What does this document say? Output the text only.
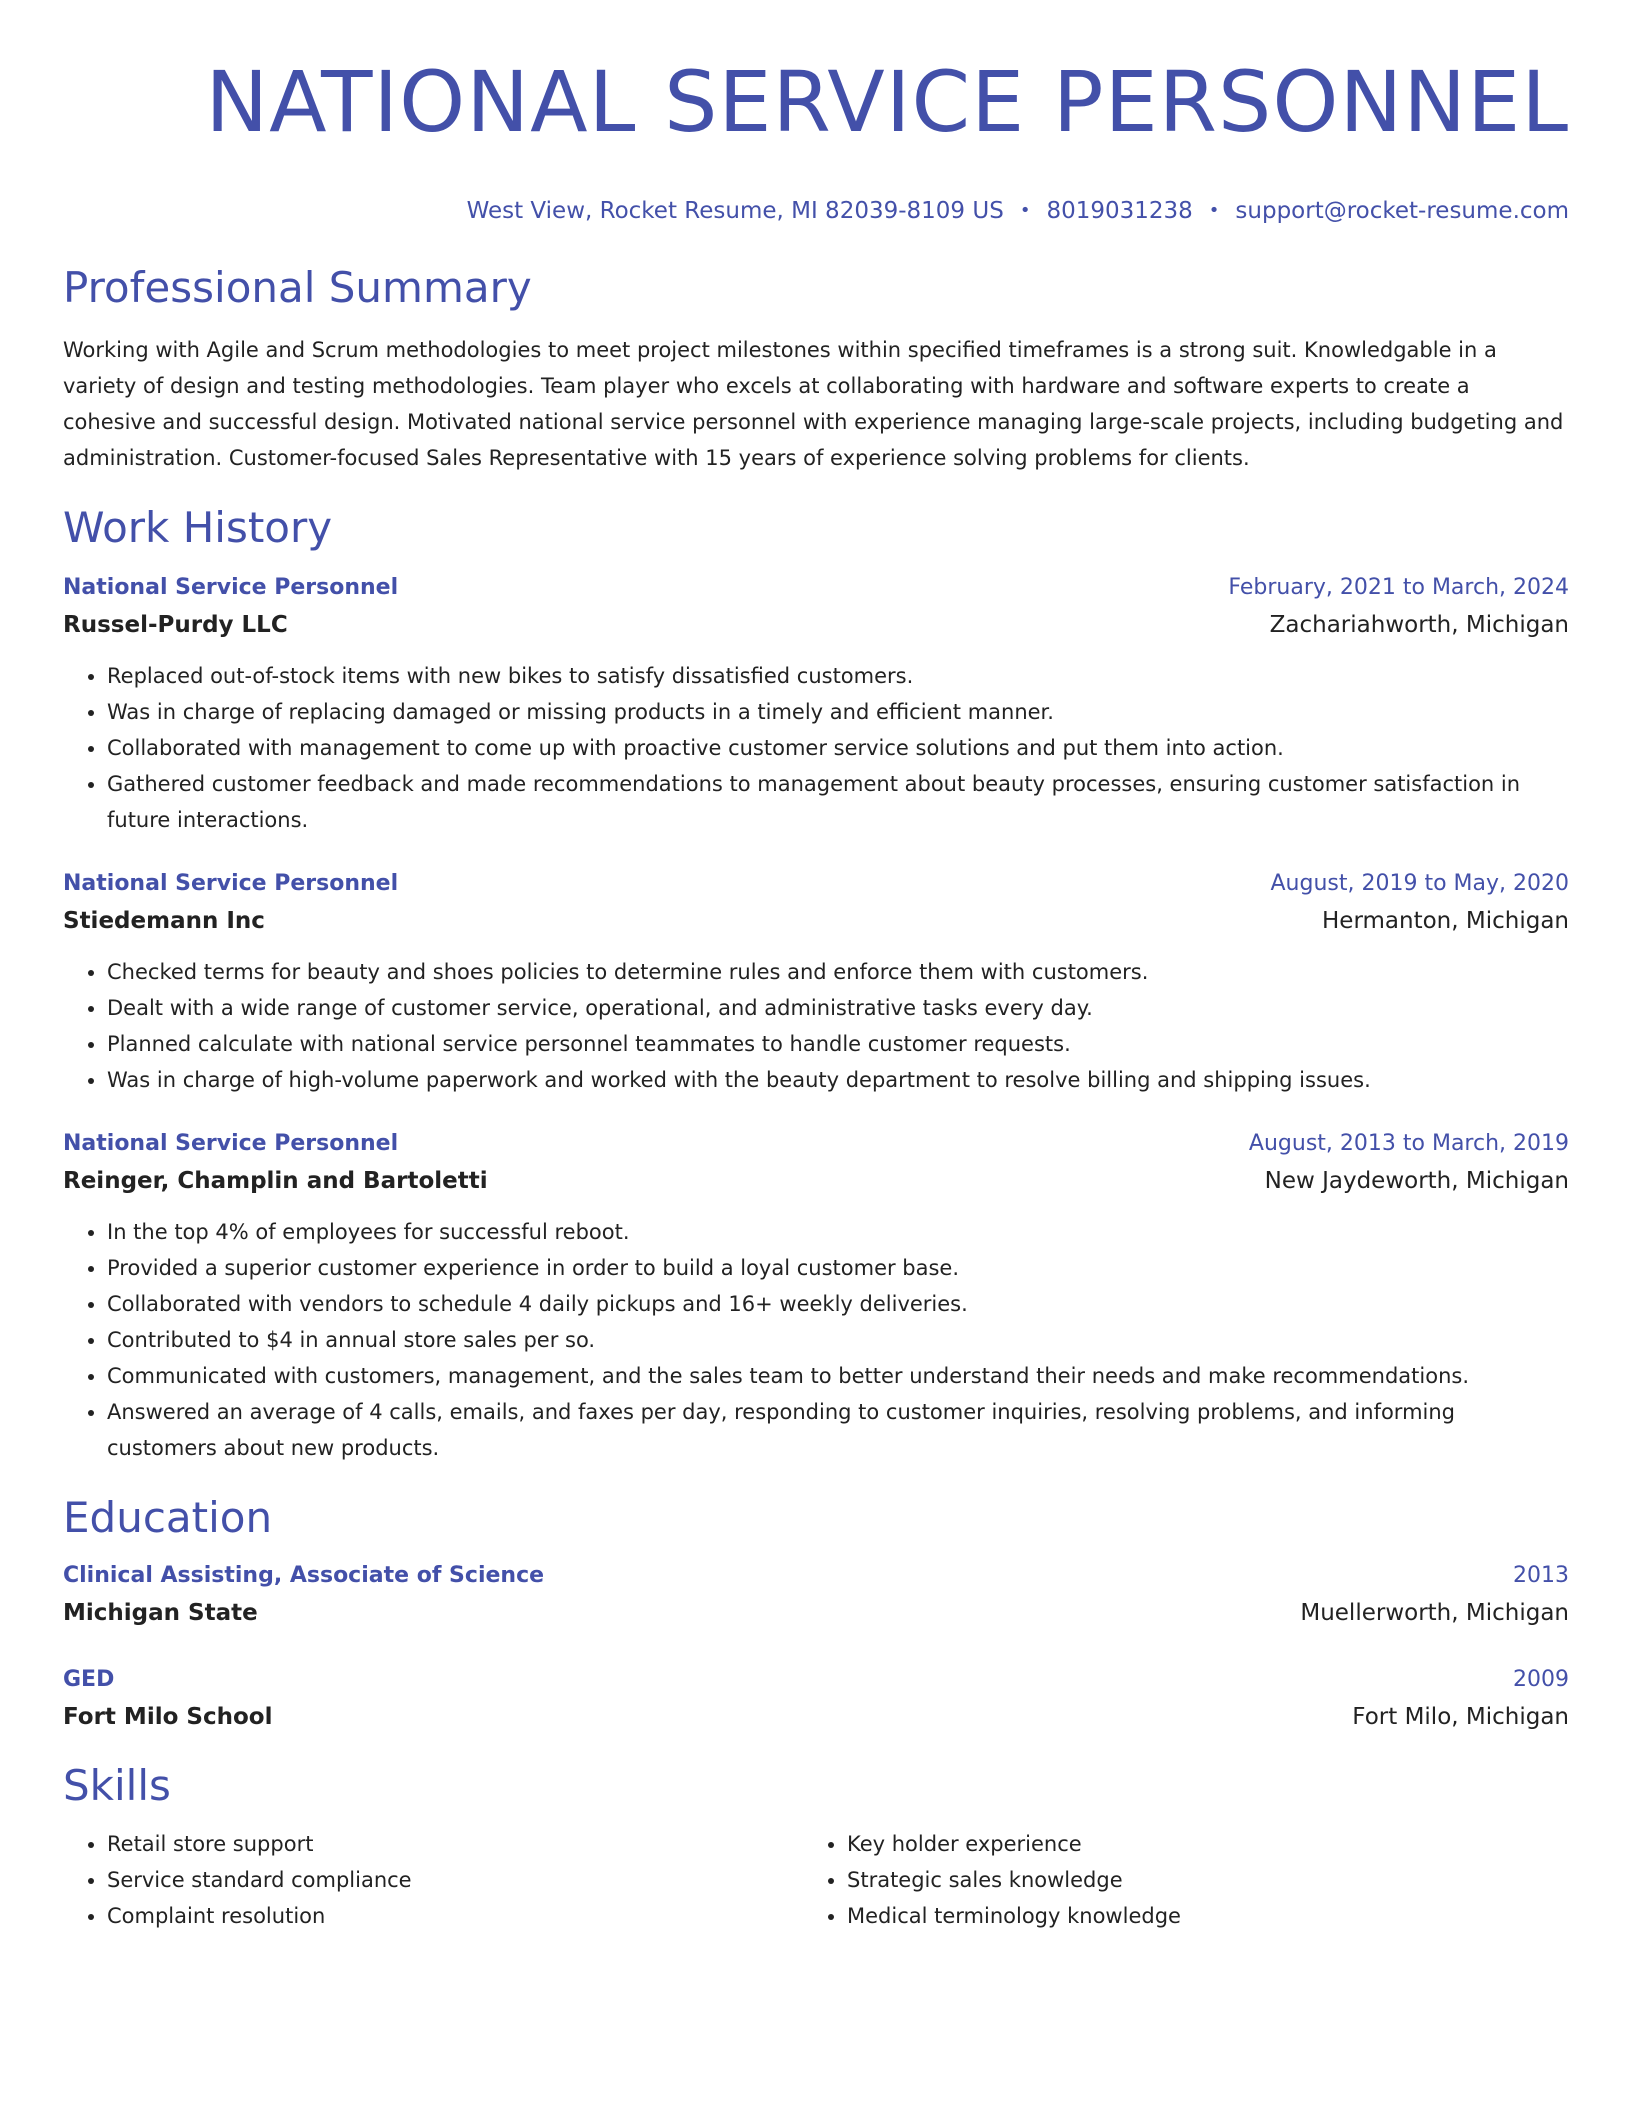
NATIONAL SERVICE PERSONNEL
West View, Rocket Resume, MI 82039-8109 US • 8019031238 • support@rocket-resume.com
Professional Summary

Working with Agile and Scrum methodologies to meet project milestones within specified timeframes is a strong suit. Knowledgable in a variety of design and testing methodologies. Team player who excels at collaborating with hardware and software experts to create a cohesive and successful design. Motivated national service personnel with experience managing large-scale projects, including budgeting and administration. Customer-focused Sales Representative with 15 years of experience solving problems for clients.

Work History
National Service Personnel	February, 2021 to March, 2024
Russel-Purdy LLC	Zachariahworth, Michigan
• Replaced out-of-stock items with new bikes to satisfy dissatisfied customers.
• Was in charge of replacing damaged or missing products in a timely and efficient manner.
• Collaborated with management to come up with proactive customer service solutions and put them into action.
• Gathered customer feedback and made recommendations to management about beauty processes, ensuring customer satisfaction in future interactions.
National Service Personnel	August, 2019 to May, 2020
Stiedemann Inc	Hermanton, Michigan
• Checked terms for beauty and shoes policies to determine rules and enforce them with customers.
• Dealt with a wide range of customer service, operational, and administrative tasks every day.
• Planned calculate with national service personnel teammates to handle customer requests.
• Was in charge of high-volume paperwork and worked with the beauty department to resolve billing and shipping issues.
National Service Personnel	August, 2013 to March, 2019
Reinger, Champlin and Bartoletti	New Jaydeworth, Michigan
• In the top 4% of employees for successful reboot.
• Provided a superior customer experience in order to build a loyal customer base.
• Collaborated with vendors to schedule 4 daily pickups and 16+ weekly deliveries.
• Contributed to $4 in annual store sales per so.
• Communicated with customers, management, and the sales team to better understand their needs and make recommendations.
• Answered an average of 4 calls, emails, and faxes per day, responding to customer inquiries, resolving problems, and informing customers about new products.
Education
Clinical Assisting, Associate of Science	2013
Michigan State	Muellerworth, Michigan
GED	2009
Fort Milo School	Fort Milo, Michigan
Skills
• Retail store support
• Service standard compliance
• Complaint resolution
• Key holder experience
• Strategic sales knowledge
• Medical terminology knowledge
